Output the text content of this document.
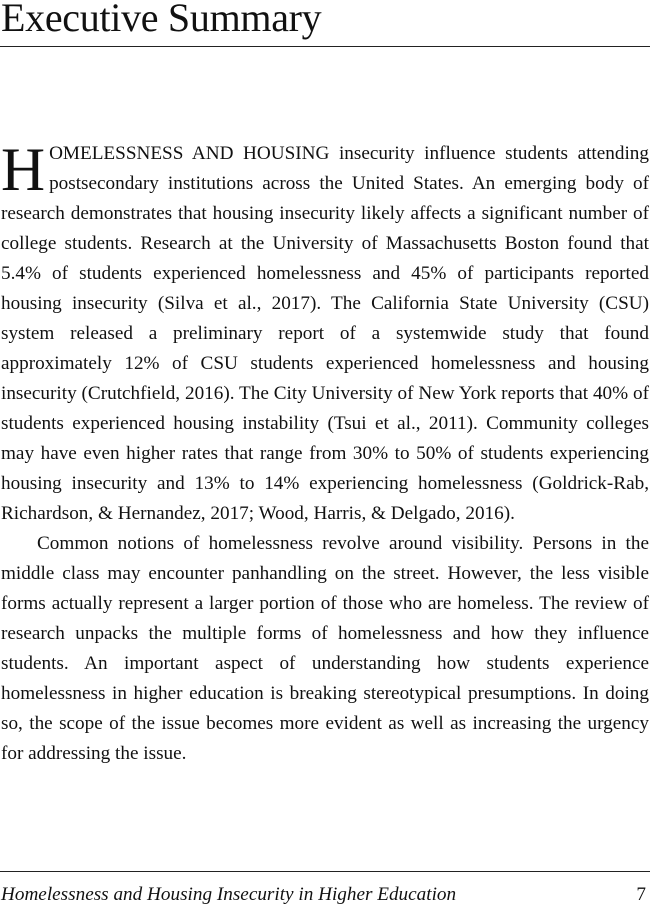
Executive Summary

HOMELESSNESS AND HOUSING insecurity influence students attending postsecondary institutions across the United States. An emerging body of research demonstrates that housing insecurity likely affects a significant number of college students. Research at the University of Massachusetts Boston found that 5.4% of students experienced homelessness and 45% of participants reported housing insecurity (Silva et al., 2017). The California State University (CSU) system released a preliminary report of a systemwide study that found approximately 12% of CSU students experienced homelessness and housing insecurity (Crutchfield, 2016). The City University of New York reports that 40% of students experienced housing instability (Tsui et al., 2011). Community colleges may have even higher rates that range from 30% to 50% of students experiencing housing insecurity and 13% to 14% experiencing homelessness (Goldrick-Rab, Richardson, & Hernandez, 2017; Wood, Harris, & Delgado, 2016).

Common notions of homelessness revolve around visibility. Persons in the middle class may encounter panhandling on the street. However, the less visible forms actually represent a larger portion of those who are homeless. The review of research unpacks the multiple forms of homelessness and how they influence students. An important aspect of understanding how students experience homelessness in higher education is breaking stereotypical presumptions. In doing so, the scope of the issue becomes more evident as well as increasing the urgency for addressing the issue.

Homelessness and Housing Insecurity in Higher Education	7
